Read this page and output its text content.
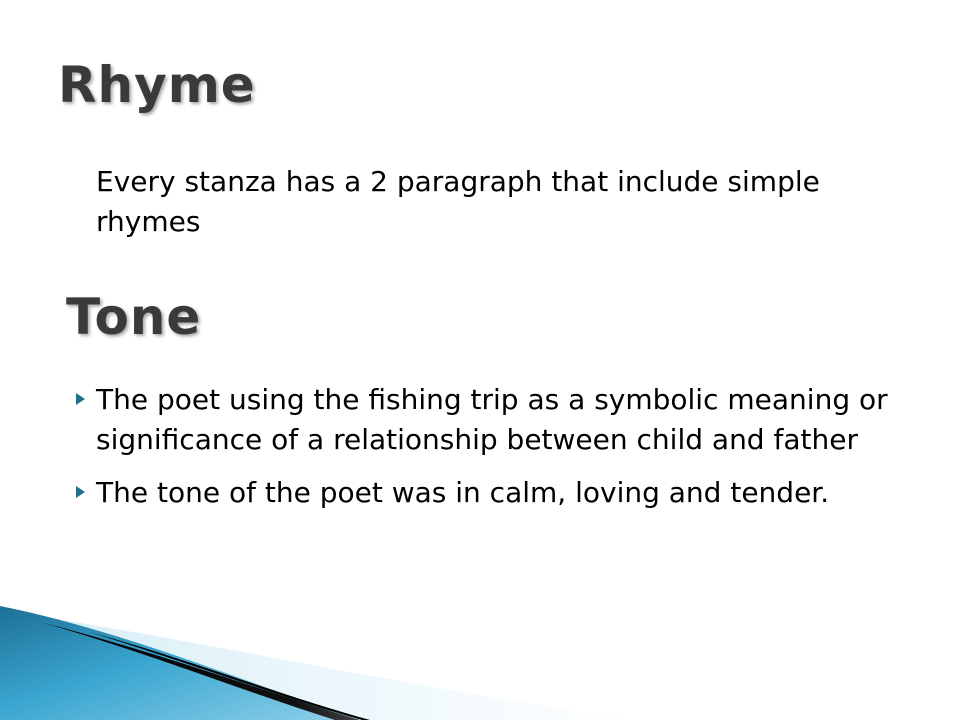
Rhyme

Every stanza has a 2 paragraph that include simple rhymes

Tone
The poet using the fishing trip as a symbolic meaning or significance of a relationship between child and father
The tone of the poet was in calm, loving and tender.
